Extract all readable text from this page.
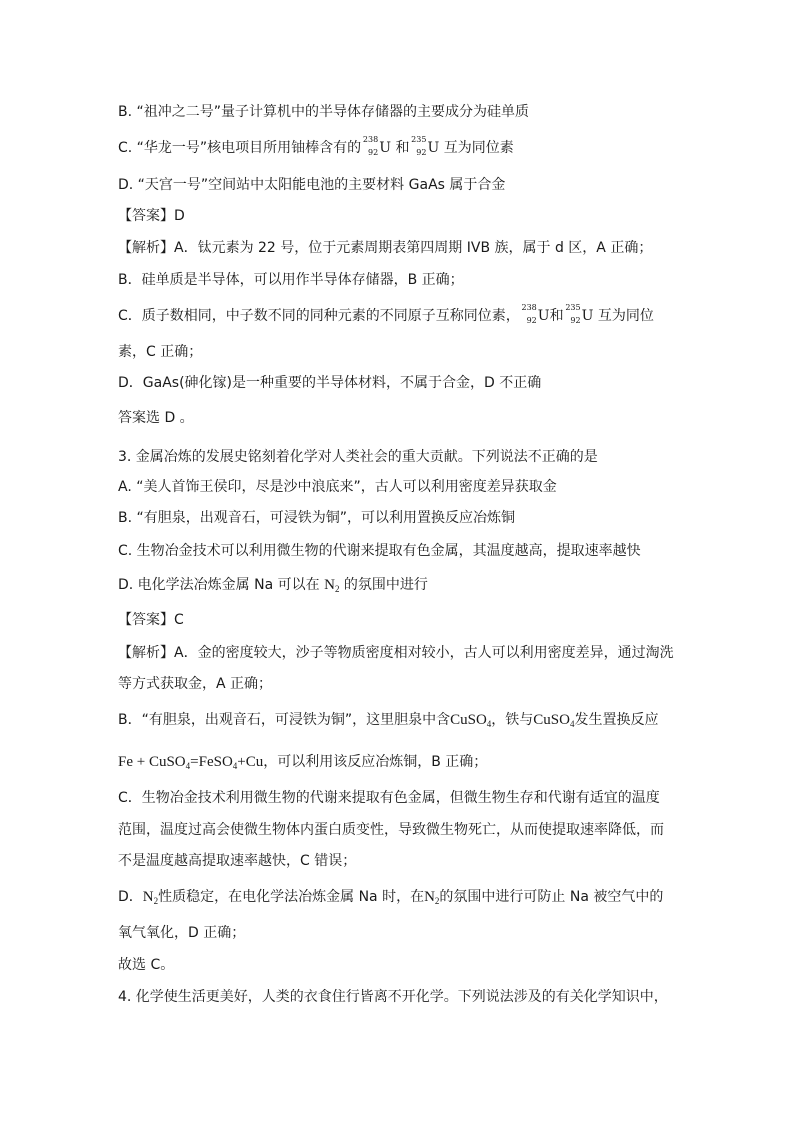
B. “祖冲之二号”量子计算机中的半导体存储器的主要成分为硅单质
C. “华龙一号”核电项目所用铀棒含有的
238
92 U 和
235
92 U 互为同位素
D. “天宫一号”空间站中太阳能电池的主要材料 GaAs 属于合金
【答案】D
【解析】A．钛元素为 22 号，位于元素周期表第四周期 IVB 族，属于 d 区，A 正确；
B．硅单质是半导体，可以用作半导体存储器，B 正确；
C．质子数相同，中子数不同的同种元素的不同原子互称同位素，
238
92 U和
235
92 U 互为同位
素，C 正确；
D．GaAs(砷化镓)是一种重要的半导体材料，不属于合金，D 不正确
答案选 D 。
3. 金属冶炼的发展史铭刻着化学对人类社会的重大贡献。下列说法不正确的是
A. “美人首饰王侯印，尽是沙中浪底来”，古人可以利用密度差异获取金
B. “有胆泉，出观音石，可浸铁为铜”，可以利用置换反应冶炼铜
C. 生物冶金技术可以利用微生物的代谢来提取有色金属，其温度越高，提取速率越快
D. 电化学法冶炼金属 Na 可以在 $N_2$ 的氛围中进行
【答案】C
【解析】A．金的密度较大，沙子等物质密度相对较小，古人可以利用密度差异，通过淘洗
等方式获取金，A 正确；
B．“有胆泉，出观音石，可浸铁为铜”，这里胆泉中含CuSO$_4$，铁与CuSO$_4$发生置换反应
Fe + CuSO$_4$=FeSO$_4$+Cu，可以利用该反应冶炼铜，B 正确；
C．生物冶金技术利用微生物的代谢来提取有色金属，但微生物生存和代谢有适宜的温度
范围，温度过高会使微生物体内蛋白质变性，导致微生物死亡，从而使提取速率降低，而
不是温度越高提取速率越快，C 错误；
D．$N_2$性质稳定，在电化学法冶炼金属 Na 时，在$N_2$的氛围中进行可防止 Na 被空气中的
氧气氧化，D 正确；
故选 C。
4. 化学使生活更美好，人类的衣食住行皆离不开化学。下列说法涉及的有关化学知识中，
